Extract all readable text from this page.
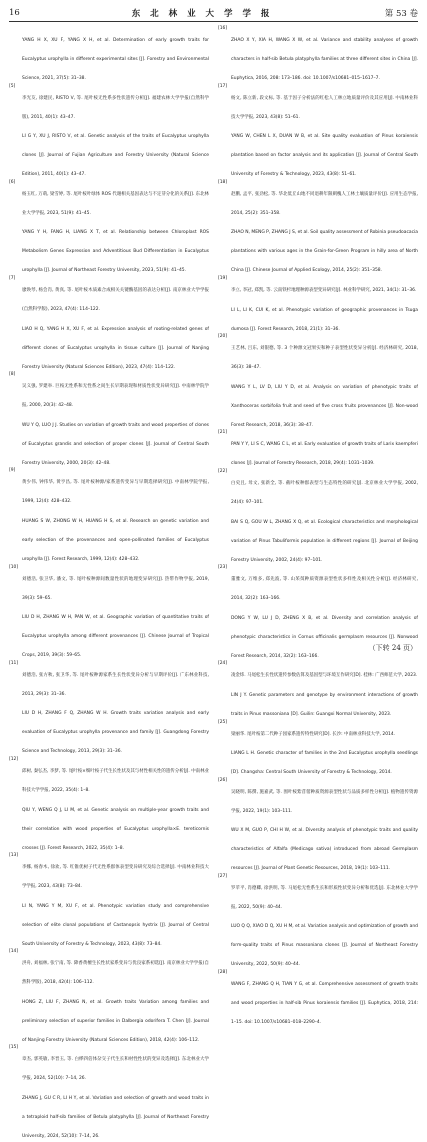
16	东 北 林 业 大 学 学 报	第 53 卷
YANG H X, XU F, YANG X H, et al. Determination of early growth traits for Eucalyptus urophylla in different experimental sites [J]. Forestry and Environmental Science, 2021, 37(5): 31–38.
[5]
李光友, 徐建民, RISTO V, 等. 尾叶桉无性系多性状遗传分析[J]. 福建农林大学学报(自然科学版), 2011, 40(1): 43–47.
LI G Y, XU J, RISTO V, et al. Genetic analysis of the traits of Eucalyptus urophylla clones [J]. Journal of Fujian Agriculture and Forestry University (Natural Science Edition), 2011, 40(1): 43–47.
[6]
杨玉红, 万萌, 梁雪婷, 等. 尾叶桉叶绿体 ROS 代谢相关基因表达与不定芽分化的关系[J]. 东北林业大学学报, 2023, 51(9): 41–45.
YANG Y H, FANG H, LIANG X T, et al. Relationship between Chloroplast ROS Metabolism Genes Expression and Adventitious Bud Differentiation in Eucalyptus urophylla [J]. Journal of Northeast Forestry University, 2023, 51(9): 41–45.
[7]
廖焕琴, 杨会肖, 黄真, 等. 尾叶桉木质素合成相关关键酶基因的表达分析[J]. 南京林业大学学报(自然科学版), 2023, 47(4): 114–122.
LIAO H Q, YANG H X, XU F, et al. Expression analysis of rooting-related genes of different clones of Eucalyptus urophylla in tissue culture [J]. Journal of Nanjing Forestry University (Natural Sciences Edition), 2023, 47(4): 114–122.
[8]
吴义强, 罗建举. 巨桉无性系和无性系之间生长早期表现和材质性状变异研究[J]. 中南林学院学报, 2000, 20(3): 42–48.
WU Y Q, LUO J J. Studies on variation of growth traits and wood properties of clones of Eucalyptus grandis and selection of proper clones [J]. Journal of Central South Forestry University, 2000, 20(3): 42–48.
[9]
黄少伟, 钟伟华, 黄亨昌, 等. 尾叶桉种源/家系遗传变异与早期选择研究[J]. 中南林学院学报, 1999, 12(4): 428–432.
HUANG S W, ZHONG W H, HUANG H S, et al. Research on genetic variation and early selection of the provenances and open-pollinated families of Eucalyptus urophylla [J]. Forest Research, 1999, 12(4): 428–432.
[10]
刘德浩, 张卫华, 潘文, 等. 尾叶桉种源间数量性状的地理变异研究[J]. 热带作物学报, 2019, 39(3): 59–65.
LIU D H, ZHANG W H, PAN W, et al. Geographic variation of quantitative traits of Eucalyptus urophylla among different provenances [J]. Chinese Journal of Tropical Crops, 2019, 39(3): 59–65.
[11]
刘德浩, 张方秋, 张卫华, 等. 尾叶桉种源家系生长性状变异分析与早期评价[J]. 广东林业科技, 2013, 29(3): 31–36.
LIU D H, ZHANG F Q, ZHANG W H. Growth traits variation analysis and early evaluation of Eucalyptus urophylla provenance and family [J]. Guangdong Forestry Science and Technology, 2013, 29(3): 31–36.
[12]
邱树, 秦弘杰, 李梦, 等. 尾叶桉×细叶桉子代生长性状及其与材性相关性的遗传分析[J]. 中南林业科技大学学报, 2022, 35(4): 1–8.
QIU Y, WENG Q J, LI M, et al. Genetic analysis on multiple-year growth traits and their correlation with wood properties of Eucalyptus urophylla×E. tereticornis crosses [J]. Forest Research, 2022, 35(4): 1–8.
[13]
李娜, 杨春木, 徐欢, 等. 红锥优树子代无性系群体表型变异研究及综合选择[J]. 中南林业科技大学学报, 2023, 43(8): 73–84.
LI N, YANG Y M, XU F, et al. Phenotypic variation study and comprehensive selection of elite clonal populations of Castanopsis hystrix [J]. Journal of Central South University of Forestry & Technology, 2023, 43(8): 73–84.
[14]
洪舟, 刘福林, 张宁南, 等. 降香黄檀生长性状家系变异与优良家系初选[J]. 南京林业大学学报(自然科学版), 2018, 42(4): 106–112.
HONG Z, LIU F, ZHANG N, et al. Growth traits Variation among families and preliminary selection of superior families in Dalbergia odorifera T. Chen [J]. Journal of Nanjing Forestry University (Natural Sciences Edition), 2018, 42(4): 106–112.
[15]
章杰, 郭英敏, 李晋玉, 等. 白桦四倍体杂交子代生长和材性性状的变异及选择[J]. 东北林业大学学报, 2024, 52(10): 7–14, 26.
ZHANG J, GU C R, LI H Y, et al. Variation and selection of growth and wood traits in a tetraploid half-sib families of Betula platyphylla [J]. Journal of Northeast Forestry University, 2024, 52(10): 7–14, 26.
[16]
ZHAO X Y, XIA H, WANG X W, et al. Variance and stability analyses of growth characters in half-sib Betula platyphylla families at three different sites in China [J]. Euphytica, 2016, 208: 173–186. doi: 10.1007/s10681–015–1617–7.
[17]
杨文, 陈立新, 段文标, 等. 基于因子分析法的红松人工林立地质量评价及其应用[J]. 中南林业科技大学学报, 2023, 43(8): 51–61.
YANG W, CHEN L X, DUAN W B, et al. Site quality evaluation of Pinus koraiensis plantation based on factor analysis and its application [J]. Journal of Central South University of Forestry & Technology, 2023, 43(8): 51–61.
[18]
赵鹏, 孟平, 张劲松, 等. 华北低丘山地不同退耕年限刺槐人工林土壤质量评价[J]. 应用生态学报, 2014, 25(2): 351–358.
ZHAO N, MENG P, ZHANG J S, et al. Soil quality assessment of Robinia pseudoacacia plantations with various ages in the Grain-for-Green Program in hilly area of North China [J]. Chinese Journal of Applied Ecology, 2014, 25(2): 351–358.
[19]
李立, 李冠, 郑凯, 等. 云南铁杉地理种源表型变异研究[J]. 林业科学研究, 2021, 34(1): 31–36.
LI L, LI K, CUI K, et al. Phenotypic variation of geographic provenances in Tsuga dumosa [J]. Forest Research, 2018, 21(1): 31–36.
[20]
王艺林, 吕东, 刘银德, 等. 3 个种源文冠果实和种子表型性状变异分析[J]. 经济林研究, 2018, 36(3): 38–47.
WANG Y L, LV D, LIU Y D, et al. Analysis on variation of phenotypic traits of Xanthoceras sorbifolia fruit and seed of five cross fruits provenances [J]. Non-wood Forest Research, 2018, 36(3): 38–47.
[21]
PAN Y Y, LI S C, WANG C L, et al. Early evaluation of growth traits of Larix kaempferi clones [J]. Journal of Forestry Research, 2018, 29(4): 1031–1039.
[22]
白史且, 母文, 张新全, 等. 截叶桉种群表型与生态特性的研究[J]. 北京林业大学学报, 2002, 24(4): 97–101.
BAI S Q, GOU W L, ZHANG X Q, et al. Ecological characteristics and morphological variation of Pinus Tabuliformis population in different regions [J]. Journal of Beijing Forestry University, 2002, 24(4): 97–101.
[23]
董雅文, 万维多, 郑先波, 等. 山茱萸种质资源表型性状多样性及相关性分析[J]. 经济林研究, 2014, 32(2): 163–166.
DONG Y W, LU J D, ZHENG X B, et al. Diversity and correlation analysis of phenotypic characteristics in Cornus officinalis germplasm resources [J]. Nonwood Forest Research, 2014, 32(2): 163–166.
[24]
凌金炜. 马尾松生长性状遗传参数估算及基因型与环境互作研究[D]. 桂林: 广西师范大学, 2023.
LIN J Y. Genetic parameters and genotype by environment interactions of growth traits in Pinus massoniana [D]. Guilin: Guangxi Normal University, 2023.
[25]
梁丽华. 尾叶桉第二代种子园家系遗传特性研究[D]. 长沙: 中南林业科技大学, 2014.
LIANG L H. Genetic character of families in the 2nd Eucalyptus urophylla seedlings [D]. Changsha: Central South University of Forestry & Technology, 2014.
[26]
吴晓明, 陈撰, 施嘉武, 等. 围叶桉紫苜蓿种质资源表型性状与品质多样性分析[J]. 植物遗传资源学报, 2022, 19(1): 103–111.
WU X M, GUO P, CHI H W, et al. Diversity analysis of phenotypic traits and quality characteristics of Alfalfa (Medicago sativa) introduced from abroad Germplasm resources [J]. Journal of Plant Genetic Resources, 2018, 19(1): 103–111.
[27]
罗苹平, 肖德卿, 徐洪明, 等. 马尾松无性系生长和形质性状变异分析和优选[J]. 东北林业大学学报, 2022, 50(9): 40–44.
LUO Q Q, XIAO D Q, XU H M, et al. Variation analysis and optimization of growth and form-quality traits of Pinus massoniana clones [J]. Journal of Northeast Forestry University, 2022, 50(9): 40–44.
[28]
WANG F, ZHANG Q H, TIAN Y G, et al. Comprehensive assessment of growth traits and wood properties in half-sib Pinus koraiensis families [J]. Euphytica, 2018, 214: 1–15. doi: 10.1007/s10681–018–2290–4.
（下转 24 页）
